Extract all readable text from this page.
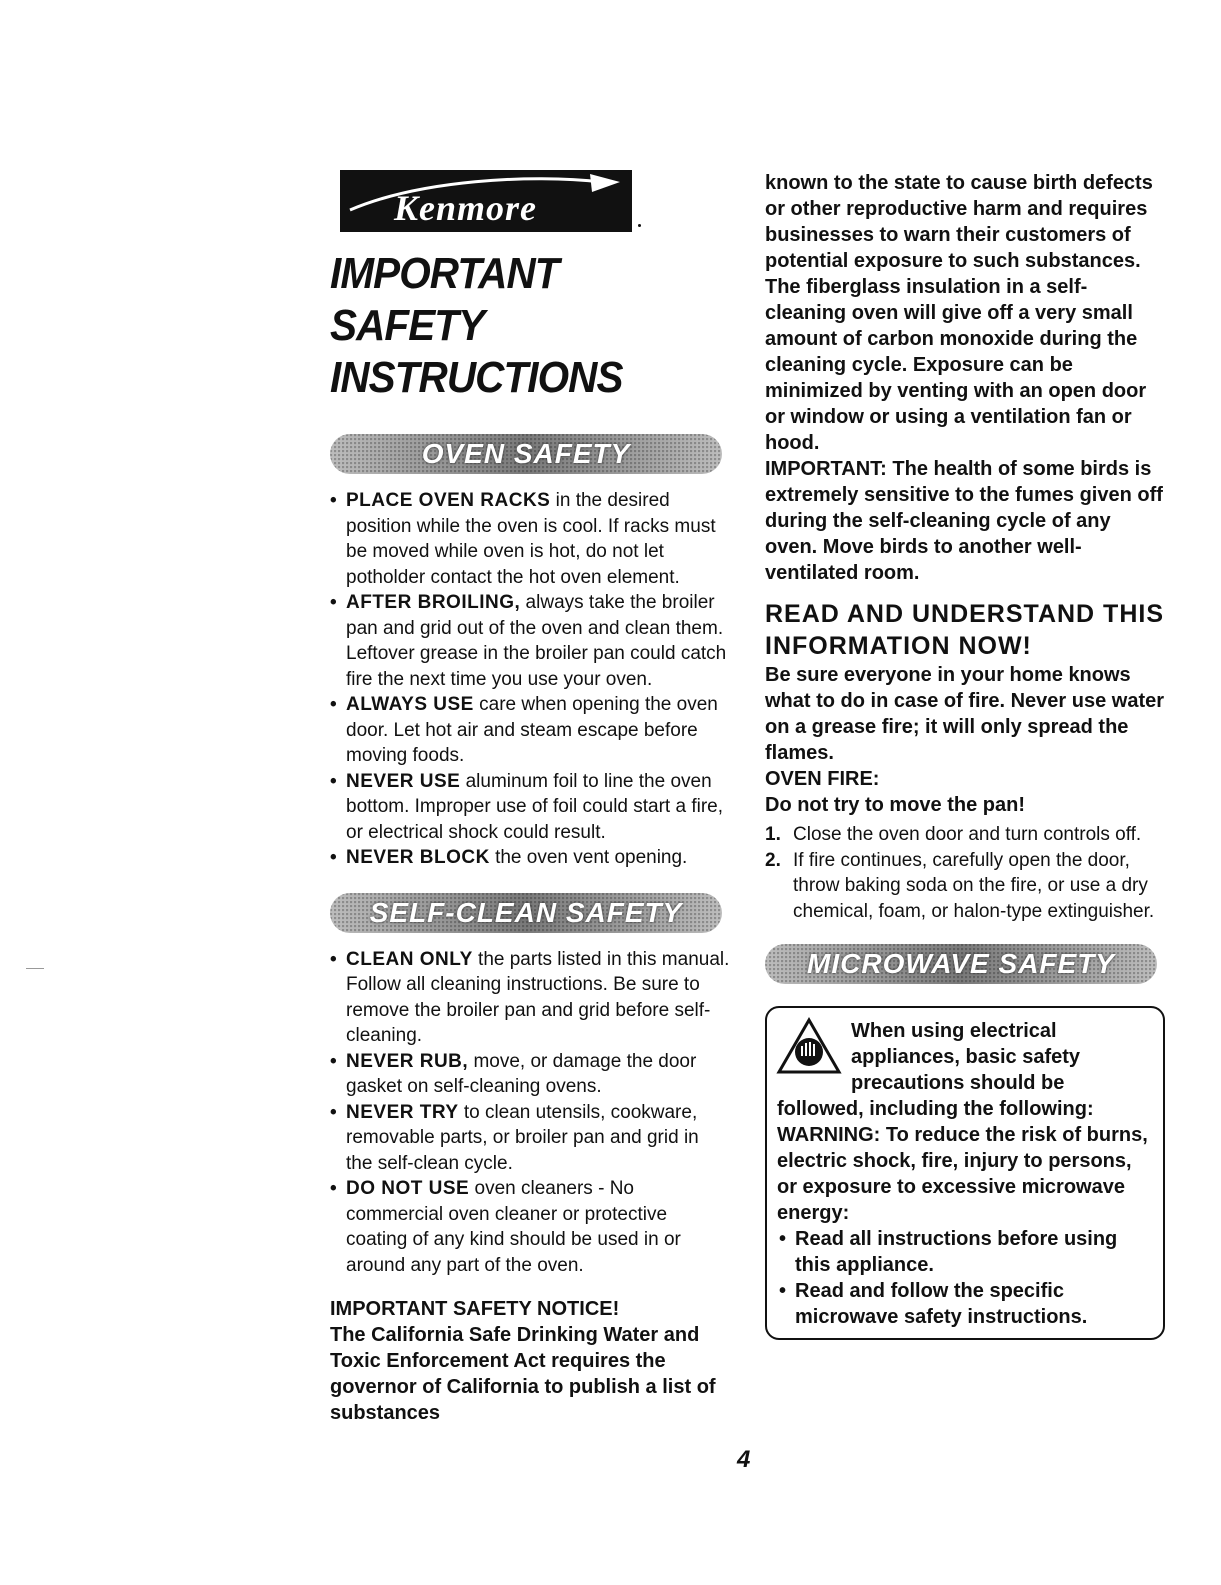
Kenmore
IMPORTANT SAFETY
INSTRUCTIONS
OVEN SAFETY
• PLACE OVEN RACKS in the desired position while the oven is cool. If racks must be moved while oven is hot, do not let potholder contact the hot oven element.
• AFTER BROILING, always take the broiler pan and grid out of the oven and clean them. Leftover grease in the broiler pan could catch fire the next time you use your oven.
• ALWAYS USE care when opening the oven door. Let hot air and steam escape before moving foods.
• NEVER USE aluminum foil to line the oven bottom. Improper use of foil could start a fire, or electrical shock could result.
• NEVER BLOCK the oven vent opening.
SELF-CLEAN SAFETY
• CLEAN ONLY the parts listed in this manual. Follow all cleaning instructions. Be sure to remove the broiler pan and grid before self-cleaning.
• NEVER RUB, move, or damage the door gasket on self-cleaning ovens.
• NEVER TRY to clean utensils, cookware, removable parts, or broiler pan and grid in the self-clean cycle.
• DO NOT USE oven cleaners - No commercial oven cleaner or protective coating of any kind should be used in or around any part of the oven.
IMPORTANT SAFETY NOTICE!
The California Safe Drinking Water and Toxic Enforcement Act requires the governor of California to publish a list of substances
known to the state to cause birth defects or other reproductive harm and requires businesses to warn their customers of potential exposure to such substances. The fiberglass insulation in a self-cleaning oven will give off a very small amount of carbon monoxide during the cleaning cycle. Exposure can be minimized by venting with an open door or window or using a ventilation fan or hood.
IMPORTANT: The health of some birds is extremely sensitive to the fumes given off during the self-cleaning cycle of any oven. Move birds to another well-ventilated room.
READ AND UNDERSTAND THIS INFORMATION NOW!
Be sure everyone in your home knows what to do in case of fire. Never use water on a grease fire; it will only spread the flames.
OVEN FIRE:
Do not try to move the pan!
1. Close the oven door and turn controls off.
2. If fire continues, carefully open the door, throw baking soda on the fire, or use a dry chemical, foam, or halon-type extinguisher.
MICROWAVE SAFETY
When using electrical appliances, basic safety precautions should be followed, including the following:
WARNING: To reduce the risk of burns, electric shock, fire, injury to persons, or exposure to excessive microwave energy:
• Read all instructions before using this appliance.
• Read and follow the specific microwave safety instructions.
4
